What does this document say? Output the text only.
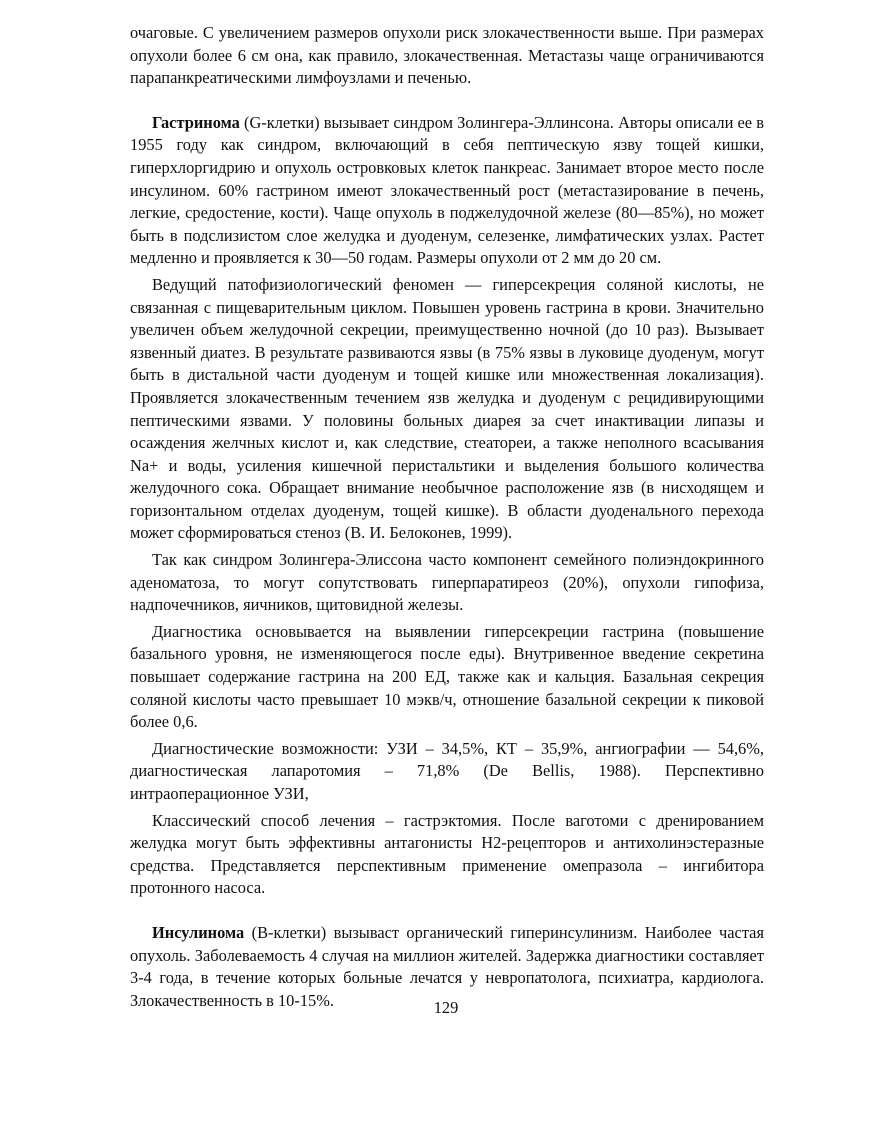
очаговые. С увеличением размеров опухоли риск злокачественности выше. При размерах опухоли более 6 см она, как правило, злокачественная. Метастазы чаще ограничиваются парапанкреатическими лимфоузлами и печенью.

Гастринома (G-клетки) вызывает синдром Золингера-Эллинсона. Авторы описали ее в 1955 году как синдром, включающий в себя пептическую язву тощей кишки, гиперхлоргидрию и опухоль островковых клеток панкреас. Занимает второе место после инсулином. 60% гастрином имеют злокачественный рост (метастазирование в печень, легкие, средостение, кости). Чаще опухоль в поджелудочной железе (80—85%), но может быть в подслизистом слое желудка и дуоденум, селезенке, лимфатических узлах. Растет медленно и проявляется к 30—50 годам. Размеры опухоли от 2 мм до 20 см.

Ведущий патофизиологический феномен — гиперсекреция соляной кислоты, не связанная с пищеварительным циклом. Повышен уровень гастрина в крови. Значительно увеличен объем желудочной секреции, преимущественно ночной (до 10 раз). Вызывает язвенный диатез. В результате развиваются язвы (в 75% язвы в луковице дуоденум, могут быть в дистальной части дуоденум и тощей кишке или множественная локализация). Проявляется злокачественным течением язв желудка и дуоденум с рецидивирующими пептическими язвами. У половины больных диарея за счет инактивации липазы и осаждения желчных кислот и, как следствие, стеатореи, а также неполного всасывания Na+ и воды, усиления кишечной перистальтики и выделения большого количества желудочного сока. Обращает внимание необычное расположение язв (в нисходящем и горизонтальном отделах дуоденум, тощей кишке). В области дуоденального перехода может сформироваться стеноз (В. И. Белоконев, 1999).

Так как синдром Золингера-Элиссона часто компонент семейного полиэндокринного аденоматоза, то могут сопутствовать гиперпаратиреоз (20%), опухоли гипофиза, надпочечников, яичников, щитовидной железы.

Диагностика основывается на выявлении гиперсекреции гастрина (повышение базального уровня, не изменяющегося после еды). Внутривенное введение секретина повышает содержание гастрина на 200 ЕД, также как и кальция. Базальная секреция соляной кислоты часто превышает 10 мэкв/ч, отношение базальной секреции к пиковой более 0,6.

Диагностические возможности: УЗИ – 34,5%, КТ – 35,9%, ангиографии — 54,6%, диагностическая лапаротомия – 71,8% (De Bellis, 1988). Перспективно интраоперационное УЗИ,

Классический способ лечения – гастрэктомия. После ваготоми с дренированием желудка могут быть эффективны антагонисты Н2-рецепторов и антихолинэстеразные средства. Представляется перспективным применение омепразола – ингибитора протонного насоса.

Инсулинома (В-клетки) вызываст органический гиперинсулинизм. Наиболее частая опухоль. Заболеваемость 4 случая на миллион жителей. Задержка диагностики составляет 3-4 года, в течение которых больные лечатся у невропатолога, психиатра, кардиолога. Злокачественность в 10-15%.	129
